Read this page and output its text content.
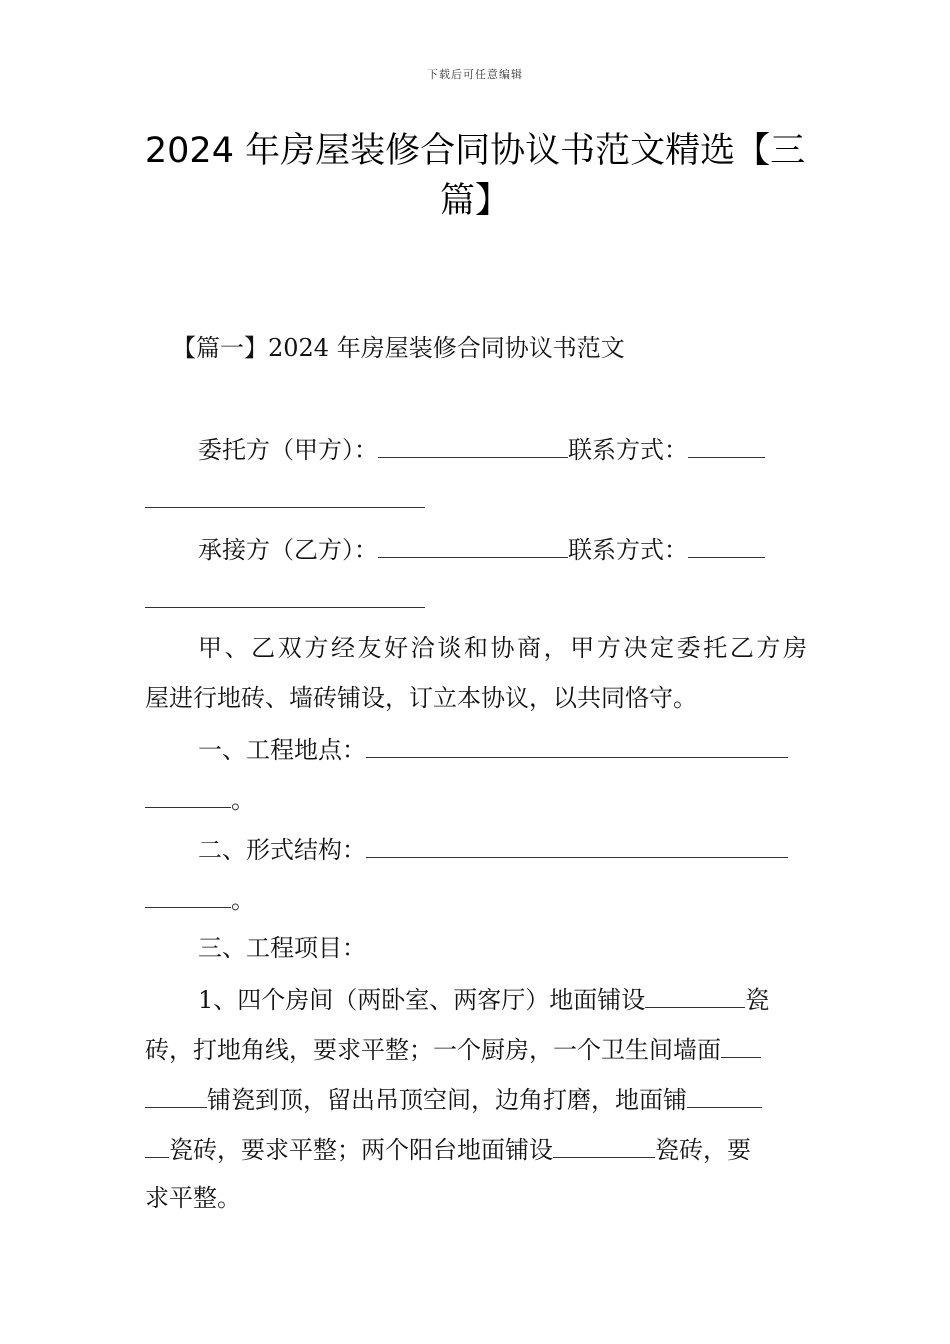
下载后可任意编辑
2024 年房屋装修合同协议书范文精选【三
篇】
【篇一】2024 年房屋装修合同协议书范文
委托方（甲方）：	联系方式：
承接方（乙方）：	联系方式：
甲、乙双方经友好洽谈和协商，甲方决定委托乙方房
屋进行地砖、墙砖铺设，订立本协议，以共同恪守。
一、工程地点：
。
二、形式结构：
。
三、工程项目：
1、四个房间（两卧室、两客厅）地面铺设	瓷
砖，打地角线，要求平整；一个厨房，一个卫生间墙面
铺瓷到顶，留出吊顶空间，边角打磨，地面铺
瓷砖，要求平整；两个阳台地面铺设	瓷砖，要
求平整。
